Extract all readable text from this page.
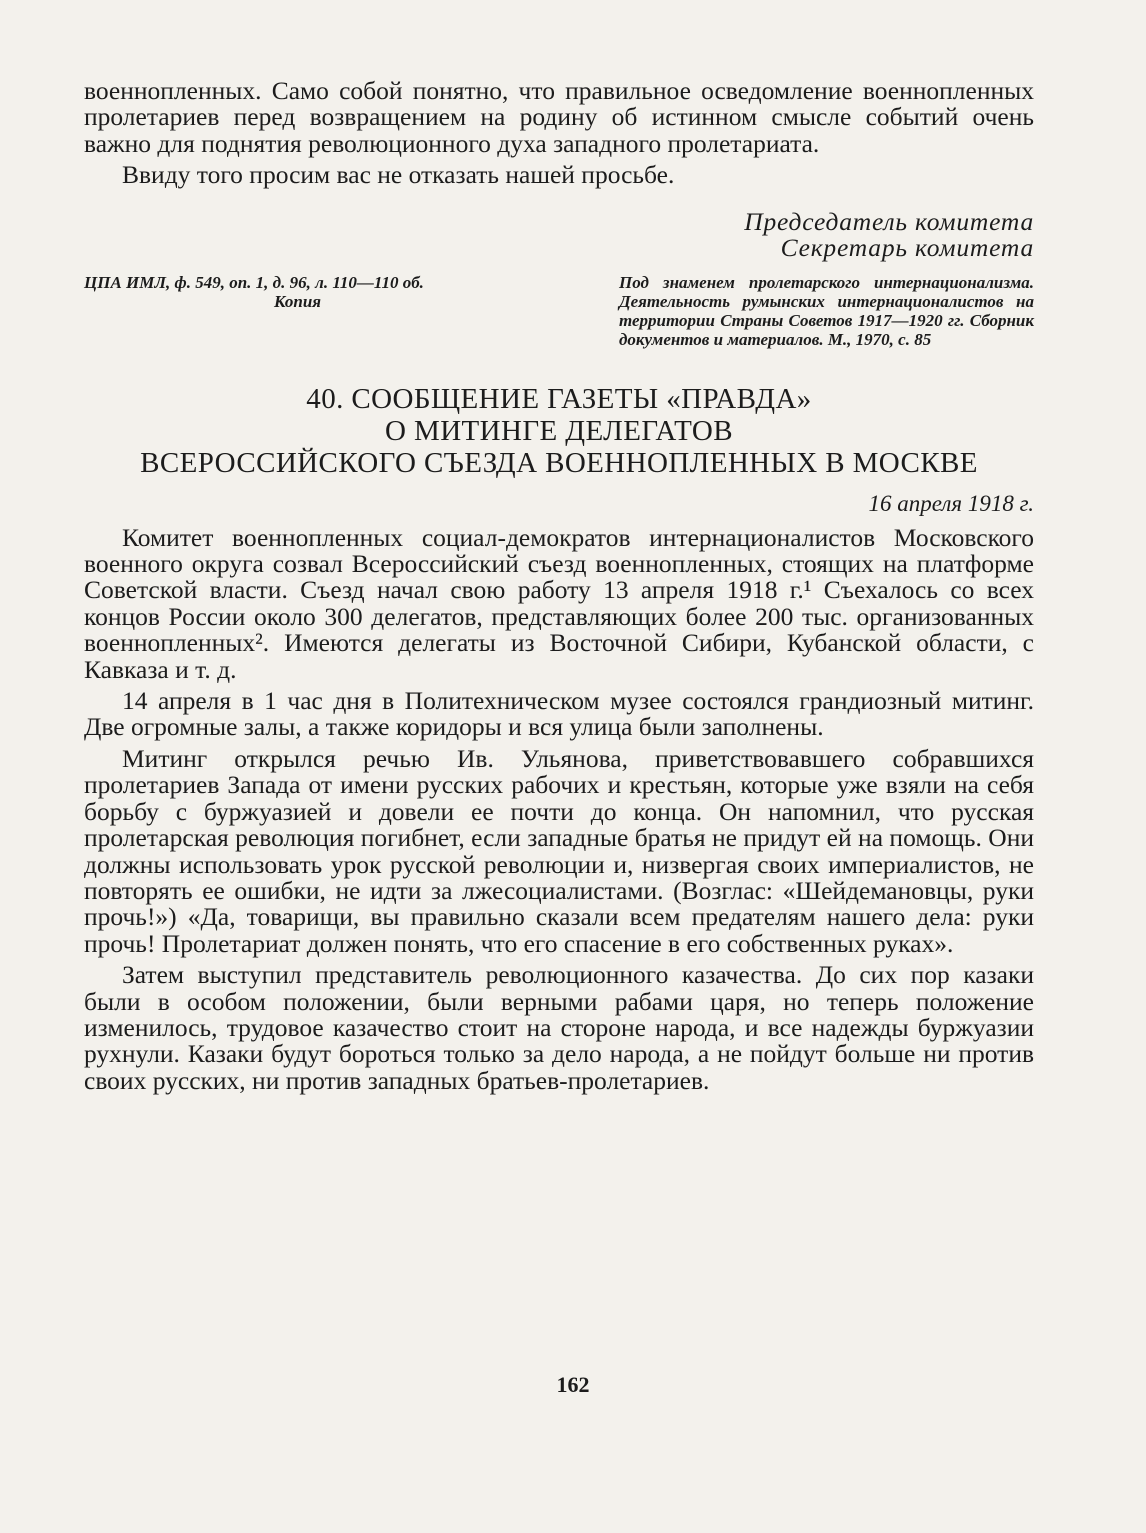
военнопленных. Само собой понятно, что правильное осведомление военнопленных пролетариев перед возвращением на родину об истинном смысле событий очень важно для поднятия революционного духа западного пролетариата.

Ввиду того просим вас не отказать нашей просьбе.

Председатель комитета
Секретарь комитета
ЦПА ИМЛ, ф. 549, оп. 1, д. 96, л. 110—110 об.
Копия
Под знаменем пролетарского интернационализма. Деятельность румынских интернационалистов на территории Страны Советов 1917—1920 гг. Сборник документов и материалов. М., 1970, с. 85
40. СООБЩЕНИЕ ГАЗЕТЫ «ПРАВДА»
О МИТИНГЕ ДЕЛЕГАТОВ
ВСЕРОССИЙСКОГО СЪЕЗДА ВОЕННОПЛЕННЫХ В МОСКВЕ
16 апреля 1918 г.

Комитет военнопленных социал-демократов интернационалистов Московского военного округа созвал Всероссийский съезд военнопленных, стоящих на платформе Советской власти. Съезд начал свою работу 13 апреля 1918 г.¹ Съехалось со всех концов России около 300 делегатов, представляющих более 200 тыс. организованных военнопленных². Имеются делегаты из Восточной Сибири, Кубанской области, с Кавказа и т. д.

14 апреля в 1 час дня в Политехническом музее состоялся грандиозный митинг. Две огромные залы, а также коридоры и вся улица были заполнены.

Митинг открылся речью Ив. Ульянова, приветствовавшего собравшихся пролетариев Запада от имени русских рабочих и крестьян, которые уже взяли на себя борьбу с буржуазией и довели ее почти до конца. Он напомнил, что русская пролетарская революция погибнет, если западные братья не придут ей на помощь. Они должны использовать урок русской революции и, низвергая своих империалистов, не повторять ее ошибки, не идти за лжесоциалистами. (Возглас: «Шейдемановцы, руки прочь!») «Да, товарищи, вы правильно сказали всем предателям нашего дела: руки прочь! Пролетариат должен понять, что его спасение в его собственных руках».

Затем выступил представитель революционного казачества. До сих пор казаки были в особом положении, были верными рабами царя, но теперь положение изменилось, трудовое казачество стоит на стороне народа, и все надежды буржуазии рухнули. Казаки будут бороться только за дело народа, а не пойдут больше ни против своих русских, ни против западных братьев-пролетариев.

162
